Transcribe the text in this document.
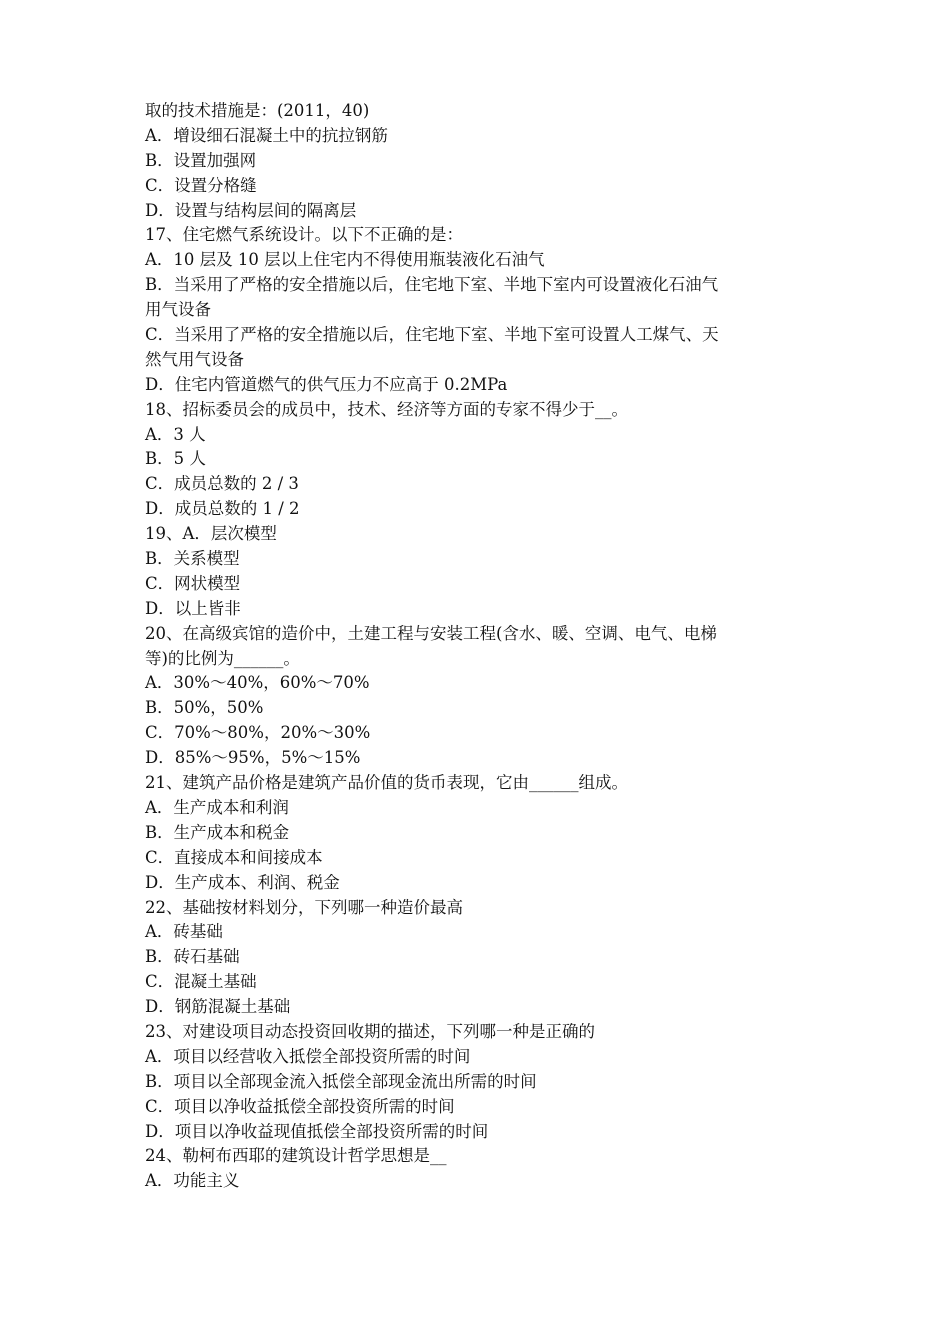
取的技术措施是：(2011，40)
A．增设细石混凝土中的抗拉钢筋
B．设置加强网
C．设置分格缝
D．设置与结构层间的隔离层
17、住宅燃气系统设计。以下不正确的是：
A．10 层及 10 层以上住宅内不得使用瓶装液化石油气
B．当采用了严格的安全措施以后，住宅地下室、半地下室内可设置液化石油气
用气设备
C．当采用了严格的安全措施以后，住宅地下室、半地下室可设置人工煤气、天
然气用气设备
D．住宅内管道燃气的供气压力不应高于 0.2MPa
18、招标委员会的成员中，技术、经济等方面的专家不得少于__。
A．3 人
B．5 人
C．成员总数的 2 / 3
D．成员总数的 1 / 2
19、A．层次模型
B．关系模型
C．网状模型
D．以上皆非
20、在高级宾馆的造价中，土建工程与安装工程(含水、暖、空调、电气、电梯
等)的比例为______。
A．30%～40%，60%～70%
B．50%，50%
C．70%～80%，20%～30%
D．85%～95%，5%～15%
21、建筑产品价格是建筑产品价值的货币表现，它由______组成。
A．生产成本和利润
B．生产成本和税金
C．直接成本和间接成本
D．生产成本、利润、税金
22、基础按材料划分，下列哪一种造价最高
A．砖基础
B．砖石基础
C．混凝土基础
D．钢筋混凝土基础
23、对建设项目动态投资回收期的描述，下列哪一种是正确的
A．项目以经营收入抵偿全部投资所需的时间
B．项目以全部现金流入抵偿全部现金流出所需的时间
C．项目以净收益抵偿全部投资所需的时间
D．项目以净收益现值抵偿全部投资所需的时间
24、勒柯布西耶的建筑设计哲学思想是__
A．功能主义
